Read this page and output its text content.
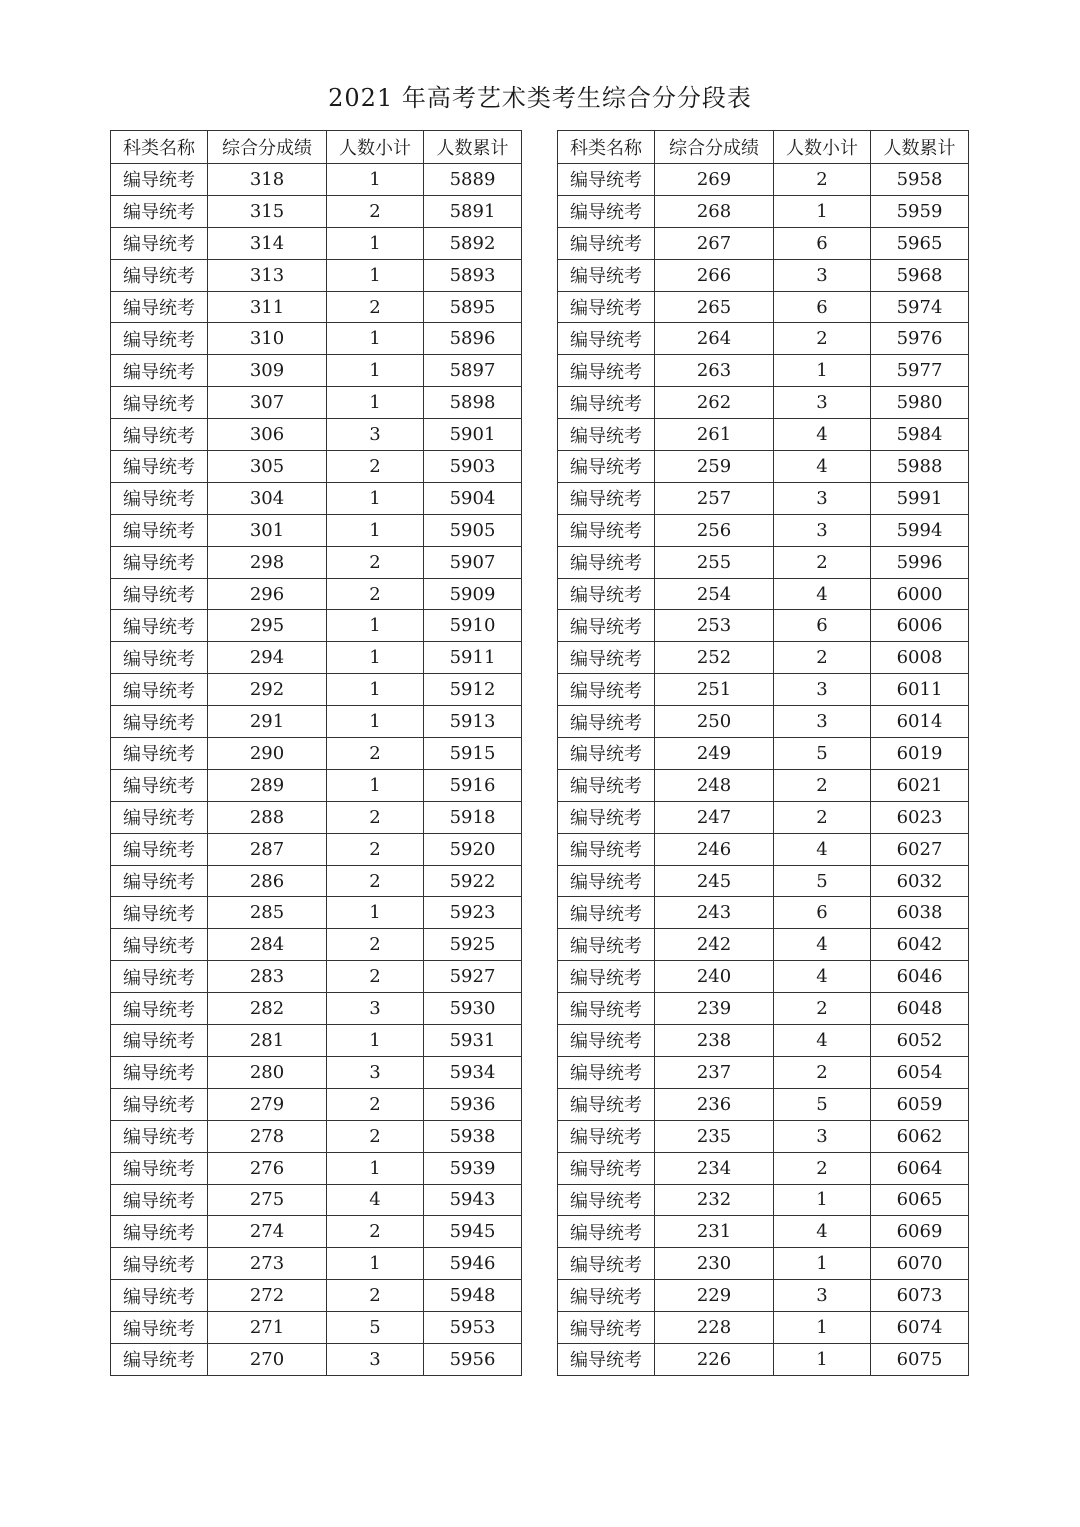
2021 年高考艺术类考生综合分分段表
科类名称	综合分成绩	人数小计	人数累计
编导统考	318	1	5889
编导统考	315	2	5891
编导统考	314	1	5892
编导统考	313	1	5893
编导统考	311	2	5895
编导统考	310	1	5896
编导统考	309	1	5897
编导统考	307	1	5898
编导统考	306	3	5901
编导统考	305	2	5903
编导统考	304	1	5904
编导统考	301	1	5905
编导统考	298	2	5907
编导统考	296	2	5909
编导统考	295	1	5910
编导统考	294	1	5911
编导统考	292	1	5912
编导统考	291	1	5913
编导统考	290	2	5915
编导统考	289	1	5916
编导统考	288	2	5918
编导统考	287	2	5920
编导统考	286	2	5922
编导统考	285	1	5923
编导统考	284	2	5925
编导统考	283	2	5927
编导统考	282	3	5930
编导统考	281	1	5931
编导统考	280	3	5934
编导统考	279	2	5936
编导统考	278	2	5938
编导统考	276	1	5939
编导统考	275	4	5943
编导统考	274	2	5945
编导统考	273	1	5946
编导统考	272	2	5948
编导统考	271	5	5953
编导统考	270	3	5956
科类名称	综合分成绩	人数小计	人数累计
编导统考	269	2	5958
编导统考	268	1	5959
编导统考	267	6	5965
编导统考	266	3	5968
编导统考	265	6	5974
编导统考	264	2	5976
编导统考	263	1	5977
编导统考	262	3	5980
编导统考	261	4	5984
编导统考	259	4	5988
编导统考	257	3	5991
编导统考	256	3	5994
编导统考	255	2	5996
编导统考	254	4	6000
编导统考	253	6	6006
编导统考	252	2	6008
编导统考	251	3	6011
编导统考	250	3	6014
编导统考	249	5	6019
编导统考	248	2	6021
编导统考	247	2	6023
编导统考	246	4	6027
编导统考	245	5	6032
编导统考	243	6	6038
编导统考	242	4	6042
编导统考	240	4	6046
编导统考	239	2	6048
编导统考	238	4	6052
编导统考	237	2	6054
编导统考	236	5	6059
编导统考	235	3	6062
编导统考	234	2	6064
编导统考	232	1	6065
编导统考	231	4	6069
编导统考	230	1	6070
编导统考	229	3	6073
编导统考	228	1	6074
编导统考	226	1	6075
